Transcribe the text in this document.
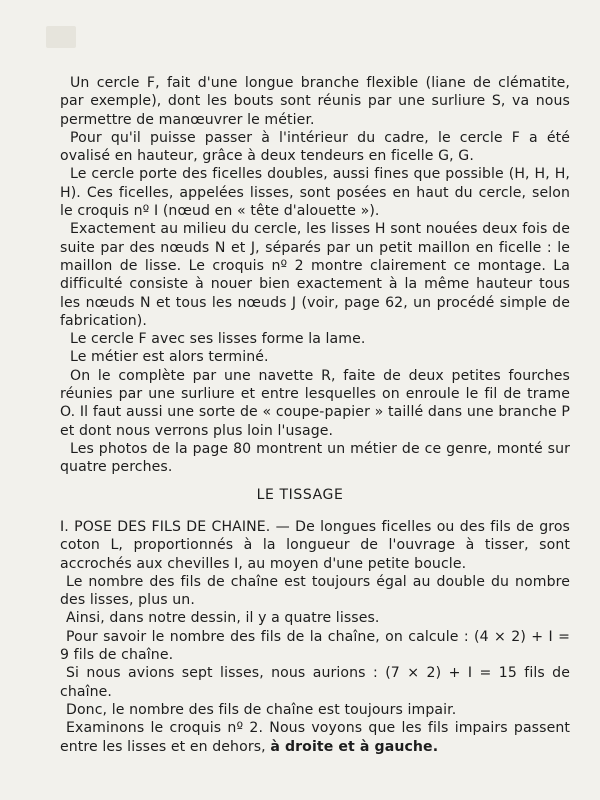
Un cercle F, fait d'une longue branche flexible (liane de clématite, par exemple), dont les bouts sont réunis par une surliure S, va nous permettre de manœuvrer le métier.

Pour qu'il puisse passer à l'intérieur du cadre, le cercle F a été ovalisé en hauteur, grâce à deux tendeurs en ficelle G, G.

Le cercle porte des ficelles doubles, aussi fines que possible (H, H, H, H). Ces ficelles, appelées lisses, sont posées en haut du cercle, selon le croquis nº I (nœud en « tête d'alouette »).

Exactement au milieu du cercle, les lisses H sont nouées deux fois de suite par des nœuds N et J, séparés par un petit maillon en ficelle : le maillon de lisse. Le croquis nº 2 montre clairement ce montage. La difficulté consiste à nouer bien exactement à la même hauteur tous les nœuds N et tous les nœuds J (voir, page 62, un procédé simple de fabrication).

Le cercle F avec ses lisses forme la lame.

Le métier est alors terminé.

On le complète par une navette R, faite de deux petites fourches réunies par une surliure et entre lesquelles on enroule le fil de trame O. Il faut aussi une sorte de « coupe-papier » taillé dans une branche P et dont nous verrons plus loin l'usage.

Les photos de la page 80 montrent un métier de ce genre, monté sur quatre perches.

LE TISSAGE

I. POSE DES FILS DE CHAINE. — De longues ficelles ou des fils de gros coton L, proportionnés à la longueur de l'ouvrage à tisser, sont accrochés aux chevilles I, au moyen d'une petite boucle.

Le nombre des fils de chaîne est toujours égal au double du nombre des lisses, plus un.

Ainsi, dans notre dessin, il y a quatre lisses.

Pour savoir le nombre des fils de la chaîne, on calcule : (4 × 2) + I = 9 fils de chaîne.

Si nous avions sept lisses, nous aurions : (7 × 2) + I = 15 fils de chaîne.

Donc, le nombre des fils de chaîne est toujours impair.

Examinons le croquis nº 2. Nous voyons que les fils impairs passent entre les lisses et en dehors, à droite et à gauche.
